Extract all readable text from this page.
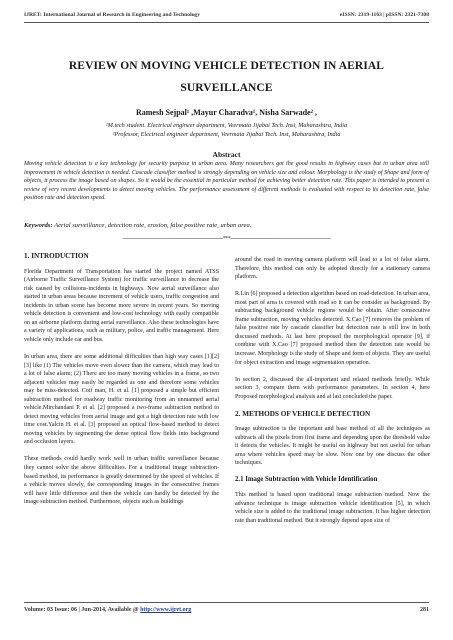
IJRET: International Journal of Research in Engineering and Technology	eISSN: 2319-1163 | pISSN: 2321-7308
REVIEW ON MOVING VEHICLE DETECTION IN AERIAL SURVEILLANCE
Ramesh Sejpal¹ ,Mayur Charadva¹, Nisha Sarwade² ,
¹M.tech student. Electrical engineer department, Veermata Jijabai Tech. Inst, Maharashtra, India
²Professor, Electrical engineer department, Veermata Jijabai Tech. Inst, Maharashtra, India
Abstract
Moving vehicle detection is a key technology for security purpose in urban area. Many researchers got the good results in highway cases but in urban area still improvement in vehicle detection is needed. Cascade classifier method is strongly depending on vehicle size and colour. Morphology is the study of Shape and form of objects, it process the image based on shapes. So it would be the essential in particular method for achieving better detection rate. This paper is intended to present a review of very recent developments to detect moving vehicles. The performance assessment of different methods is evaluated with respect to its detection rate, false position rate and detection speed.
Keywords: Aerial surveillance, detection rate, erosion, false positive rate, urban area.
-------------------------------------------------------------------***-------------------------------------------------------------------
1. INTRODUCTION

Florida Department of Transportation has started the project named ATSS (Airborne Traffic Surveillance System) for traffic surveillance to decrease the risk caused by collisions-incidents in highways. Now aerial surveillance also started in urban areas because increment of vehicle users, traffic congestion and incidents in urban scene has become more severe in recent years. So moving vehicle detection is convenient and low-cost technology with easily compatible on an airborne platform during aerial surveillance. Also these technologies have a variety of applications, such as military, police, and traffic management. Here vehicle only include car and bus.

In urban area, there are some additional difficulties than high way cases [1][2][3] like (1) The vehicles move even slower than the camera, which may lead to a lot of false alarm; (2) There are too many moving vehicles in a frame, so two adjacent vehicles may easily be regarded as one and therefore some vehicles may be miss-detected. Coif man, H. et al. [1] proposed a simple but efficient subtraction method for roadway traffic monitoring from an unmanned aerial vehicle.Mirchandani P. et al. [2] proposed a two-frame subtraction method to detect moving vehicles from aerial image and got a high detection rate with low time cost.Yalcin H. et al. [3] proposed an optical flow-based method to detect moving vehicles by segmenting the dense optical flow fields into background and occlusion layers.

These methods could hardly work well in urban traffic surveillance because they cannot solve the above difficulties. For a traditional image subtraction-based method, its performance is greatly determined by the speed of vehicles. If a vehicle moves slowly, the corresponding images in the consecutive frames will have little difference and then the vehicle can hardly be detected by the image subtraction method. Furthermore, objects such as buildings

around the road in moving camera platform will lead to a lot of false alarm. Therefore, this method can only be adopted directly for a stationary camera platform.

R.Lin [6] proposed a detection algorithm based on road-detection. In urban area, most part of area is covered with road so it can be consider as background. By subtracting background vehicle regions would be obtain. After consecutive frame subtraction, moving vehicles detected. X.Cao [7] removes the problem of false positive rate by cascade classifier but detection rate is still low in both discussed methods. At last here proposed the morphological operator [9], if combine with X.Cao [7] proposed method then the detection rate would be increase. Morphology is the study of Shape and form of objects. They are useful for object extraction and image segmentation operation.

In section 2, discussed the all-important and related methods briefly. While section 3, compare them with performance parameters. In section 4, here Proposed morphological analysis and at last concluded the paper.

2. METHODS OF VEHICLE DETECTION

Image subtraction is the important and base method of all the techniques as subtracts all the pixels from first frame and depending upon the threshold value it detects the vehicles. It might be useful on highway but not useful for urban area where vehicles speed may be slow. Now one by one discuss the other techniques.

2.1 Image Subtraction with Vehicle Identification

This method is based upon traditional image subtraction method. Now the advance technique is image subtraction vehicle identification [5], in which vehicle size is added to the traditional image subtraction. It has higher detection rate than traditional method. But it strongly depend upon size of

Volume: 03 Issue: 06 | Jun-2014, Available @ http://www.ijret.org	281
